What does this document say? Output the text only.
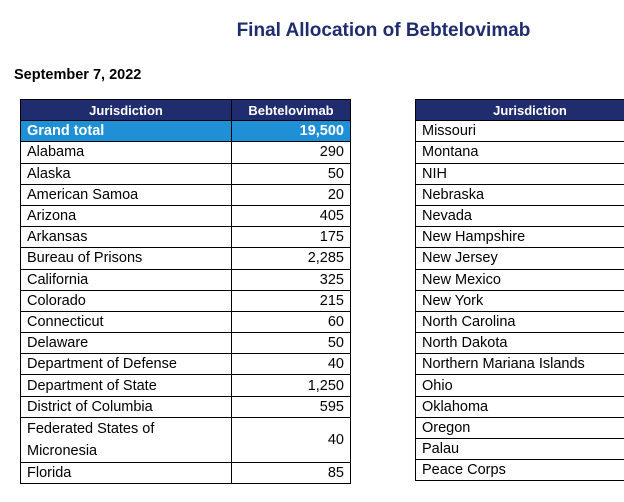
Final Allocation of Bebtelovimab
September 7, 2022
Jurisdiction	Bebtelovimab
Grand total	19,500
Alabama	290
Alaska	50
American Samoa	20
Arizona	405
Arkansas	175
Bureau of Prisons	2,285
California	325
Colorado	215
Connecticut	60
Delaware	50
Department of Defense	40
Department of State	1,250
District of Columbia	595
Federated States of Micronesia	40
Florida	85
Jurisdiction
Missouri
Montana
NIH
Nebraska
Nevada
New Hampshire
New Jersey
New Mexico
New York
North Carolina
North Dakota
Northern Mariana Islands
Ohio
Oklahoma
Oregon
Palau
Peace Corps
